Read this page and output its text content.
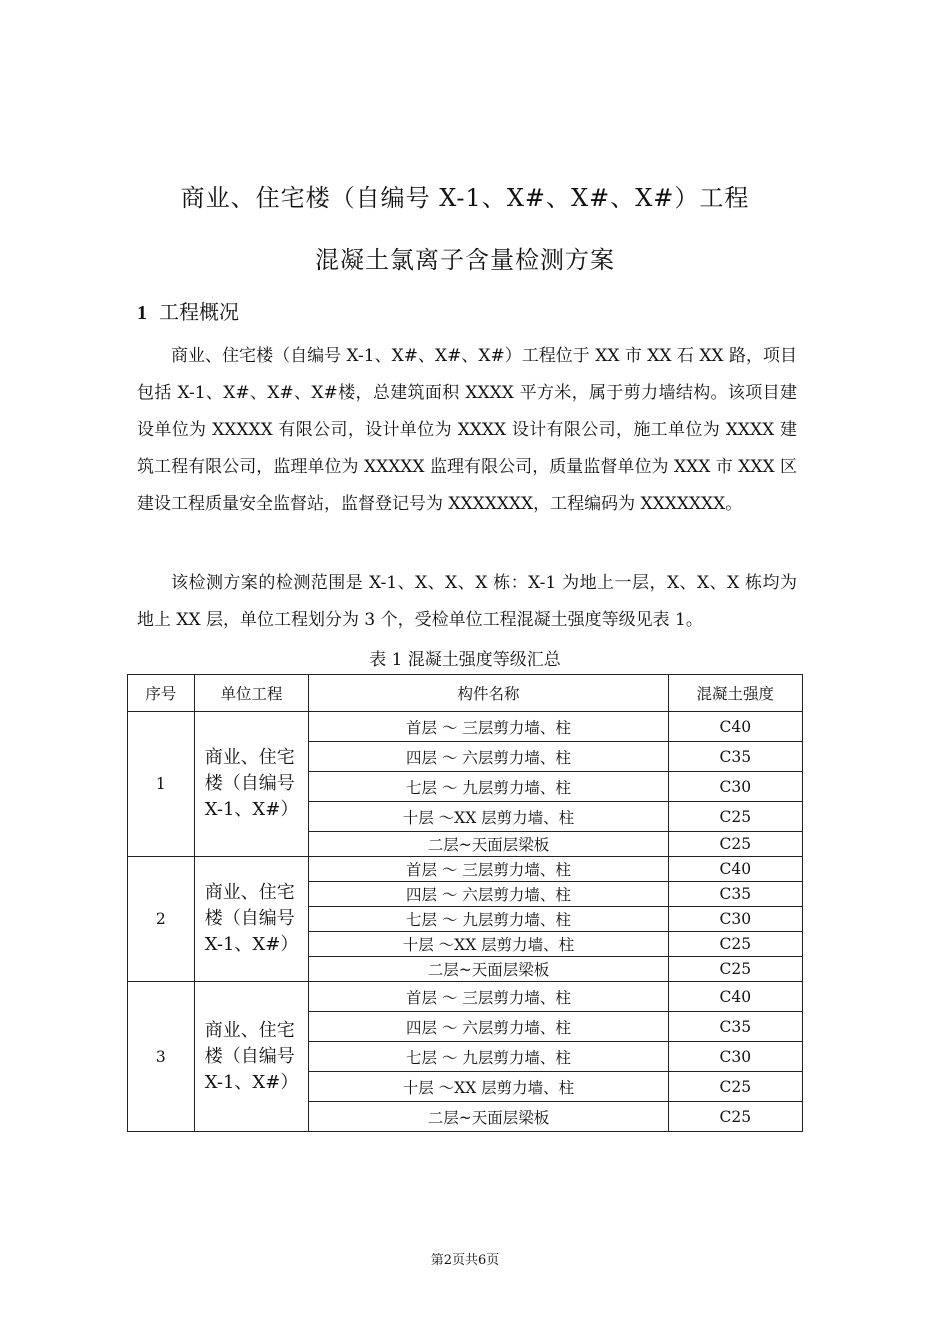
商业、住宅楼（自编号 X-1、X#、X#、X#）工程
混凝土氯离子含量检测方案
1 工程概况

商业、住宅楼（自编号 X-1、X#、X#、X#）工程位于 XX 市 XX 石 XX 路，项目包括 X-1、X#、X#、X#楼，总建筑面积 XXXX 平方米，属于剪力墙结构。该项目建设单位为 XXXXX 有限公司，设计单位为 XXXX 设计有限公司，施工单位为 XXXX 建筑工程有限公司，监理单位为 XXXXX 监理有限公司，质量监督单位为 XXX 市 XXX 区建设工程质量安全监督站，监督登记号为 XXXXXXX，工程编码为 XXXXXXX。

该检测方案的检测范围是 X-1、X、X、X 栋：X-1 为地上一层，X、X、X 栋均为地上 XX 层，单位工程划分为 3 个，受检单位工程混凝土强度等级见表 1。

表 1 混凝土强度等级汇总
序号	单位工程	构件名称	混凝土强度
1	商业、住宅楼（自编号 X-1、X#）	首层 ～ 三层剪力墙、柱	C40
		四层 ～ 六层剪力墙、柱	C35
		七层 ～ 九层剪力墙、柱	C30
		十层 ～XX 层剪力墙、柱	C25
		二层~天面层梁板	C25
2	商业、住宅楼（自编号 X-1、X#）	首层 ～ 三层剪力墙、柱	C40
		四层 ～ 六层剪力墙、柱	C35
		七层 ～ 九层剪力墙、柱	C30
		十层 ～XX 层剪力墙、柱	C25
		二层~天面层梁板	C25
3	商业、住宅楼（自编号 X-1、X#）	首层 ～ 三层剪力墙、柱	C40
		四层 ～ 六层剪力墙、柱	C35
		七层 ～ 九层剪力墙、柱	C30
		十层 ～XX 层剪力墙、柱	C25
		二层~天面层梁板	C25
第2页共6页
